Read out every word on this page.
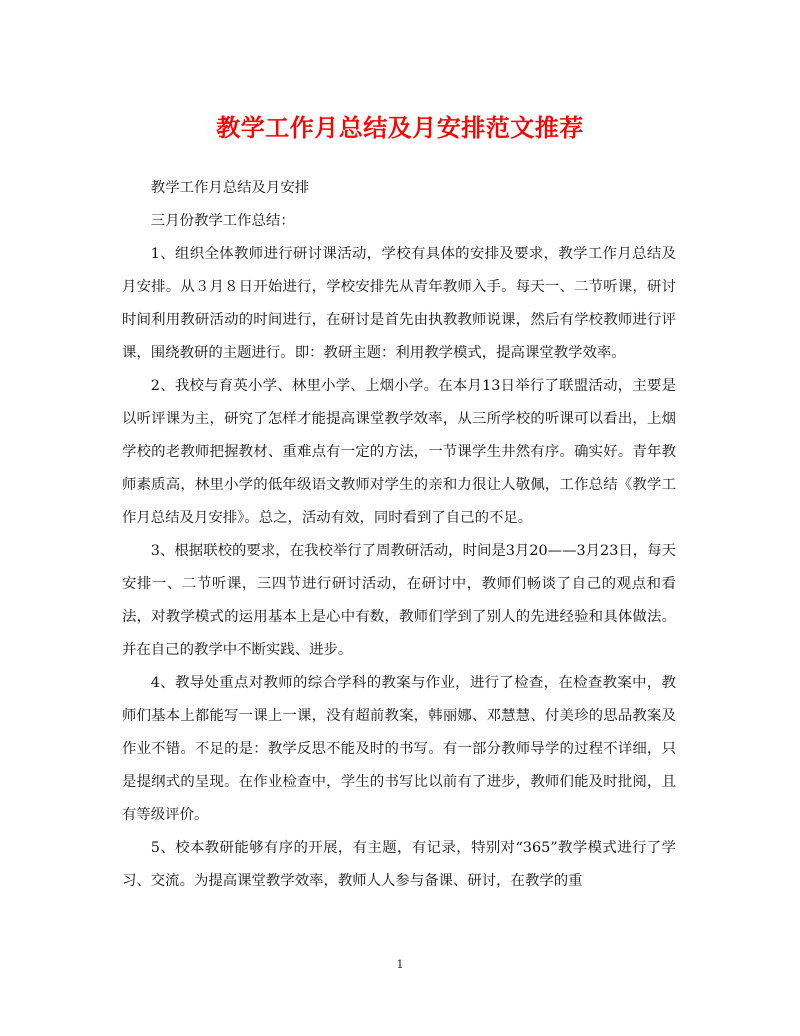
教学工作月总结及月安排范文推荐

教学工作月总结及月安排

三月份教学工作总结：

1、组织全体教师进行研讨课活动，学校有具体的安排及要求，教学工作月总结及月安排。从３月８日开始进行，学校安排先从青年教师入手。每天一、二节听课，研讨时间利用教研活动的时间进行，在研讨是首先由执教教师说课，然后有学校教师进行评课，围绕教研的主题进行。即：教研主题：利用教学模式，提高课堂教学效率。

2、我校与育英小学、林里小学、上烟小学。在本月13日举行了联盟活动，主要是以听评课为主，研究了怎样才能提高课堂教学效率，从三所学校的听课可以看出，上烟学校的老教师把握教材、重难点有一定的方法，一节课学生井然有序。确实好。青年教师素质高，林里小学的低年级语文教师对学生的亲和力很让人敬佩，工作总结《教学工作月总结及月安排》。总之，活动有效，同时看到了自己的不足。

3、根据联校的要求，在我校举行了周教研活动，时间是3月20——3月23日，每天安排一、二节听课，三四节进行研讨活动，在研讨中，教师们畅谈了自己的观点和看法，对教学模式的运用基本上是心中有数，教师们学到了别人的先进经验和具体做法。并在自己的教学中不断实践、进步。

4、教导处重点对教师的综合学科的教案与作业，进行了检查，在检查教案中，教师们基本上都能写一课上一课，没有超前教案，韩丽娜、邓慧慧、付美珍的思品教案及作业不错。不足的是：教学反思不能及时的书写。有一部分教师导学的过程不详细，只是提纲式的呈现。在作业检查中，学生的书写比以前有了进步，教师们能及时批阅，且有等级评价。

5、校本教研能够有序的开展，有主题，有记录，特别对“365”教学模式进行了学习、交流。为提高课堂教学效率，教师人人参与备课、研讨，在教学的重

1
